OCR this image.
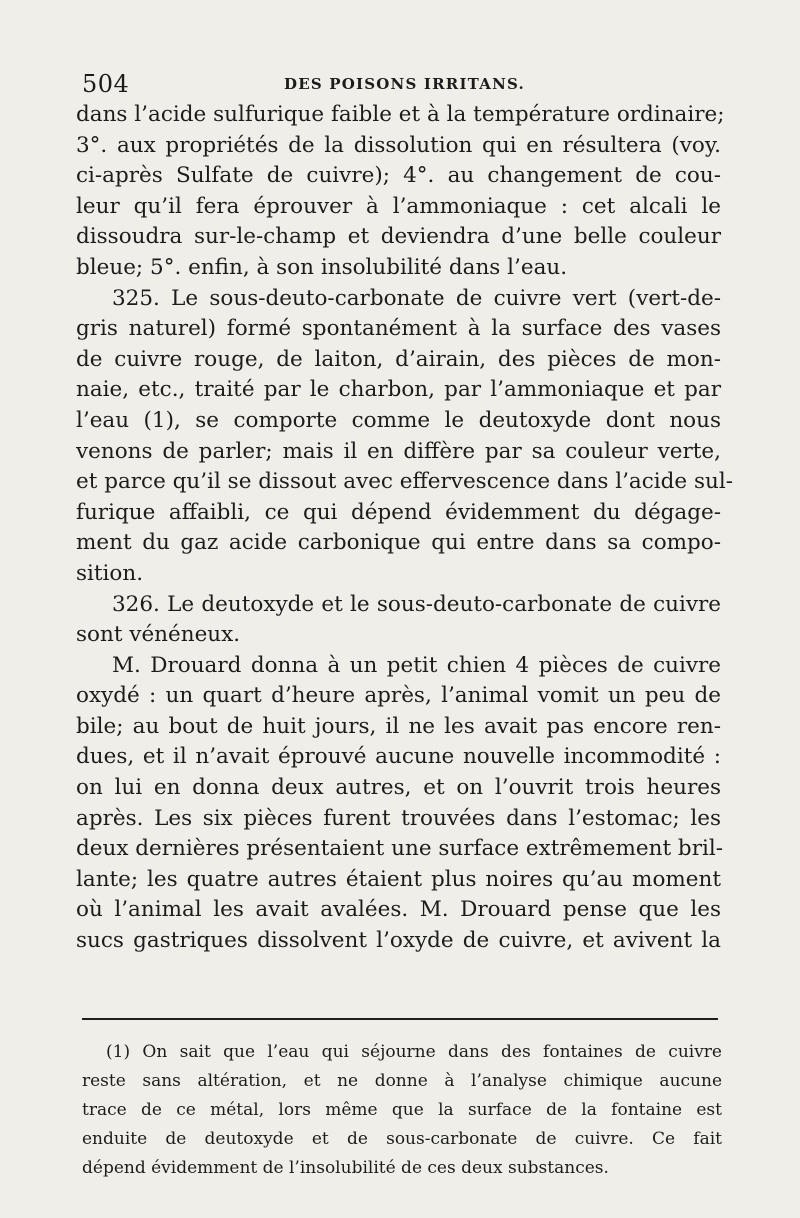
504	DES POISONS IRRITANS.
dans l’acide sulfurique faible et à la température ordinaire;
3°. aux propriétés de la dissolution qui en résultera (voy.
ci-après Sulfate de cuivre); 4°. au changement de cou-
leur qu’il fera éprouver à l’ammoniaque : cet alcali le
dissoudra sur-le-champ et deviendra d’une belle couleur
bleue; 5°. enfin, à son insolubilité dans l’eau.
325. Le sous-deuto-carbonate de cuivre vert (vert-de-
gris naturel) formé spontanément à la surface des vases
de cuivre rouge, de laiton, d’airain, des pièces de mon-
naie, etc., traité par le charbon, par l’ammoniaque et par
l’eau (1), se comporte comme le deutoxyde dont nous
venons de parler; mais il en diffère par sa couleur verte,
et parce qu’il se dissout avec effervescence dans l’acide sul-
furique affaibli, ce qui dépend évidemment du dégage-
ment du gaz acide carbonique qui entre dans sa compo-
sition.
326. Le deutoxyde et le sous-deuto-carbonate de cuivre
sont vénéneux.
M. Drouard donna à un petit chien 4 pièces de cuivre
oxydé : un quart d’heure après, l’animal vomit un peu de
bile; au bout de huit jours, il ne les avait pas encore ren-
dues, et il n’avait éprouvé aucune nouvelle incommodité :
on lui en donna deux autres, et on l’ouvrit trois heures
après. Les six pièces furent trouvées dans l’estomac; les
deux dernières présentaient une surface extrêmement bril-
lante; les quatre autres étaient plus noires qu’au moment
où l’animal les avait avalées. M. Drouard pense que les
sucs gastriques dissolvent l’oxyde de cuivre, et avivent la
(1) On sait que l’eau qui séjourne dans des fontaines de cuivre
reste sans altération, et ne donne à l’analyse chimique aucune
trace de ce métal, lors même que la surface de la fontaine est
enduite de deutoxyde et de sous-carbonate de cuivre. Ce fait
dépend évidemment de l’insolubilité de ces deux substances.
